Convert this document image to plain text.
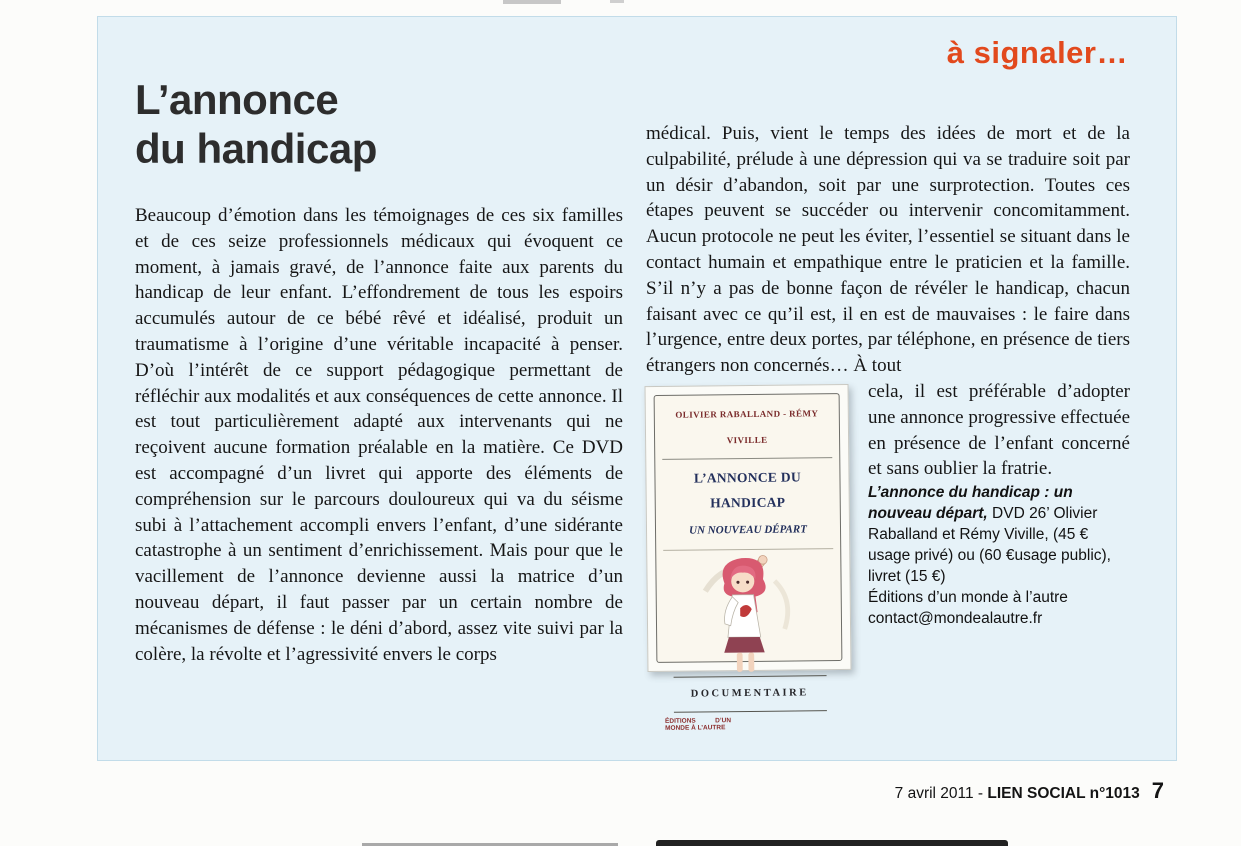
à signaler…
L’annonce
du handicap

Beaucoup d’émotion dans les témoignages de ces six familles et de ces seize professionnels médicaux qui évoquent ce moment, à jamais gravé, de l’annonce faite aux parents du handicap de leur enfant. L’effondrement de tous les espoirs accumulés autour de ce bébé rêvé et idéalisé, produit un traumatisme à l’origine d’une véritable incapacité à penser. D’où l’intérêt de ce support pédagogique permettant de réfléchir aux modalités et aux conséquences de cette annonce. Il est tout particulièrement adapté aux intervenants qui ne reçoivent aucune formation préalable en la matière. Ce DVD est accompagné d’un livret qui apporte des éléments de compréhension sur le parcours douloureux qui va du séisme subi à l’attachement accompli envers l’enfant, d’une sidérante catastrophe à un sentiment d’enrichissement. Mais pour que le vacillement de l’annonce devienne aussi la matrice d’un nouveau départ, il faut passer par un certain nombre de mécanismes de défense : le déni d’abord, assez vite suivi par la colère, la révolte et l’agressivité envers le corps

médical. Puis, vient le temps des idées de mort et de la culpabilité, prélude à une dépression qui va se traduire soit par un désir d’abandon, soit par une surprotection. Toutes ces étapes peuvent se succéder ou intervenir concomitamment. Aucun protocole ne peut les éviter, l’essentiel se situant dans le contact humain et empathique entre le praticien et la famille. S’il n’y a pas de bonne façon de révéler le handicap, chacun faisant avec ce qu’il est, il en est de mauvaises : le faire dans l’urgence, entre deux portes, par téléphone, en présence de tiers étrangers non concernés… À tout

OLIVIER RABALLAND - RÉMY VIVILLE
L’ANNONCE DU HANDICAP
UN NOUVEAU DÉPART
DOCUMENTAIRE
ÉDITIONS D’UN MONDE À L’AUTRE

cela, il est préférable d’adopter une annonce progressive effectuée en présence de l’enfant concerné et sans oublier la fratrie.

L’annonce du handicap : un nouveau départ, DVD 26’ Olivier Raballand et Rémy Viville, (45 € usage privé) ou (60 €usage public), livret (15 €)

Éditions d’un monde à l’autre

contact@mondealautre.fr

7 avril 2011 - LIEN SOCIAL n°1013 7
